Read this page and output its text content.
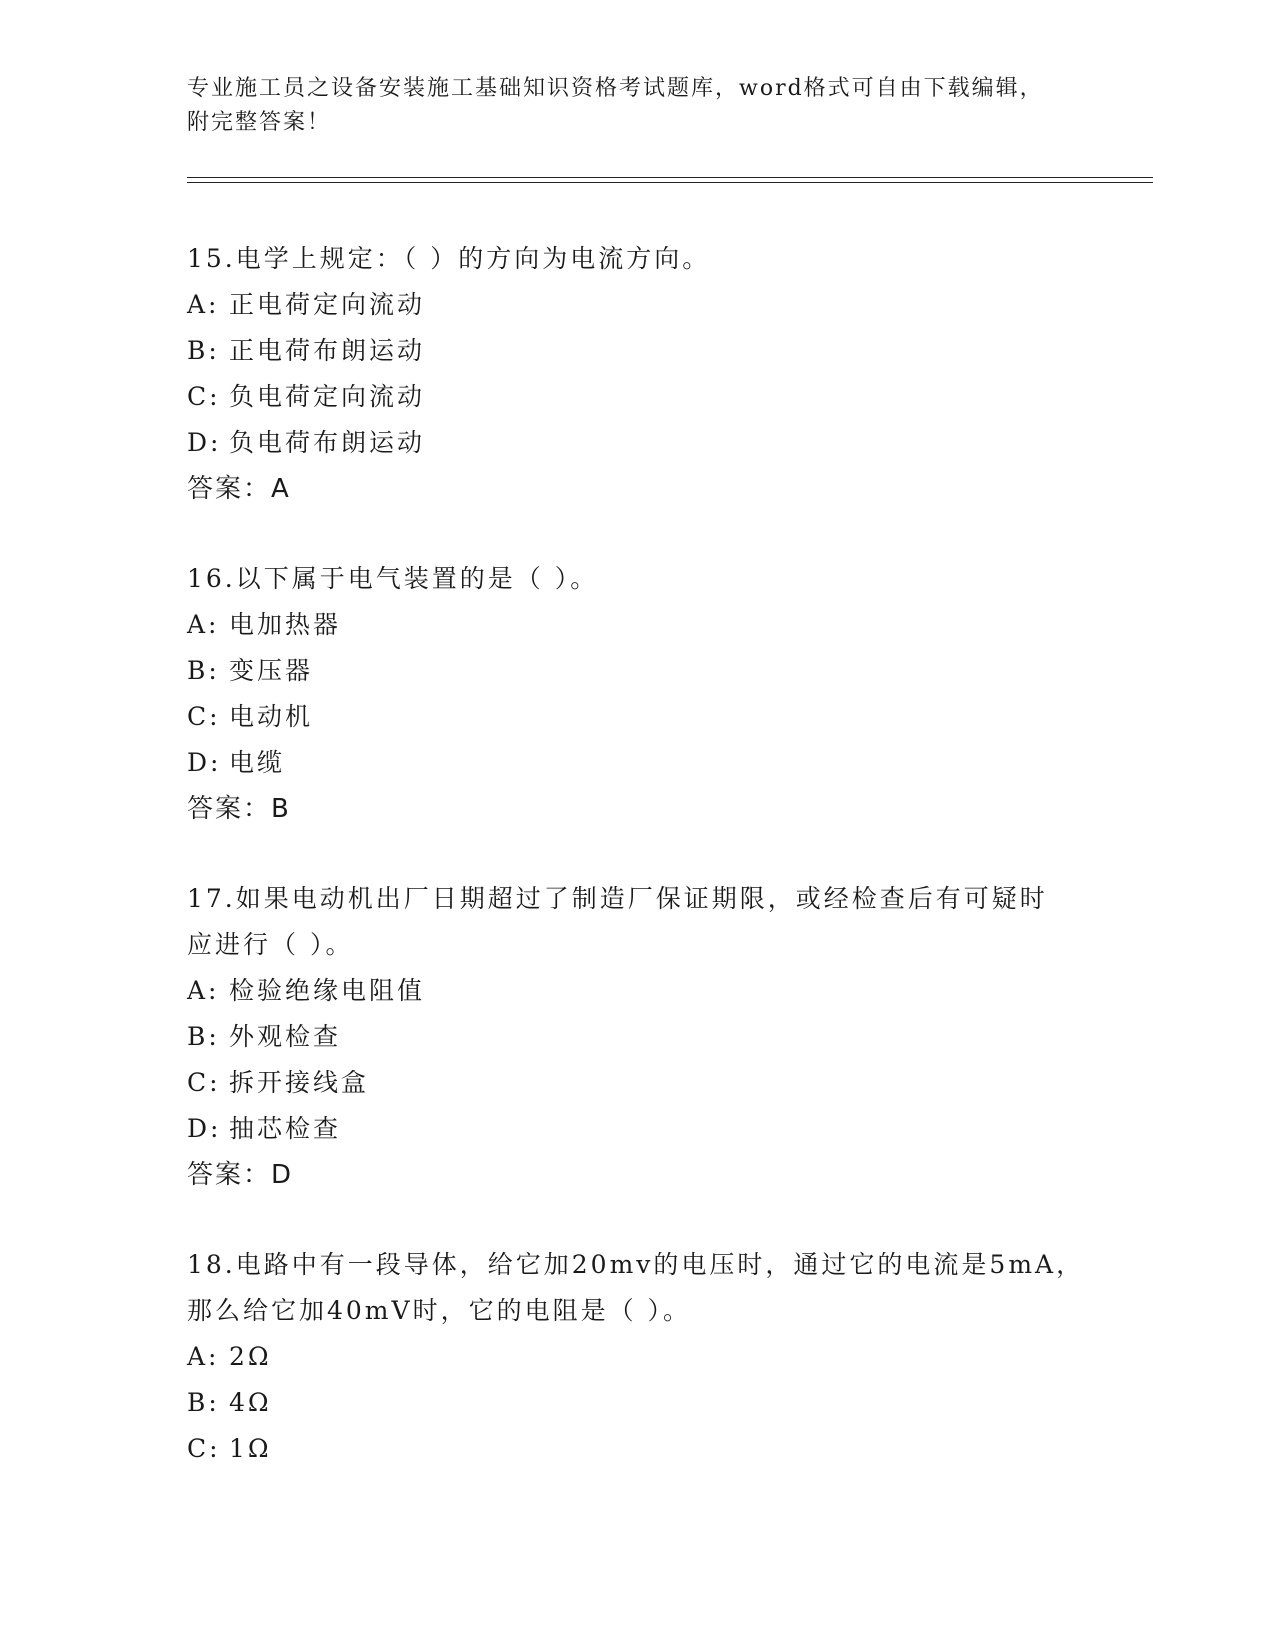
专业施工员之设备安装施工基础知识资格考试题库，word格式可自由下载编辑，
附完整答案！
15.电学上规定：（ ）的方向为电流方向。
A: 正电荷定向流动
B: 正电荷布朗运动
C: 负电荷定向流动
D: 负电荷布朗运动
答案：A
16.以下属于电气装置的是（ ）。
A: 电加热器
B: 变压器
C: 电动机
D: 电缆
答案：B
17.如果电动机出厂日期超过了制造厂保证期限，或经检查后有可疑时
应进行（ ）。
A: 检验绝缘电阻值
B: 外观检查
C: 拆开接线盒
D: 抽芯检查
答案：D
18.电路中有一段导体，给它加20mv的电压时，通过它的电流是5mA，
那么给它加40mV时，它的电阻是（ ）。
A: 2Ω
B: 4Ω
C: 1Ω
